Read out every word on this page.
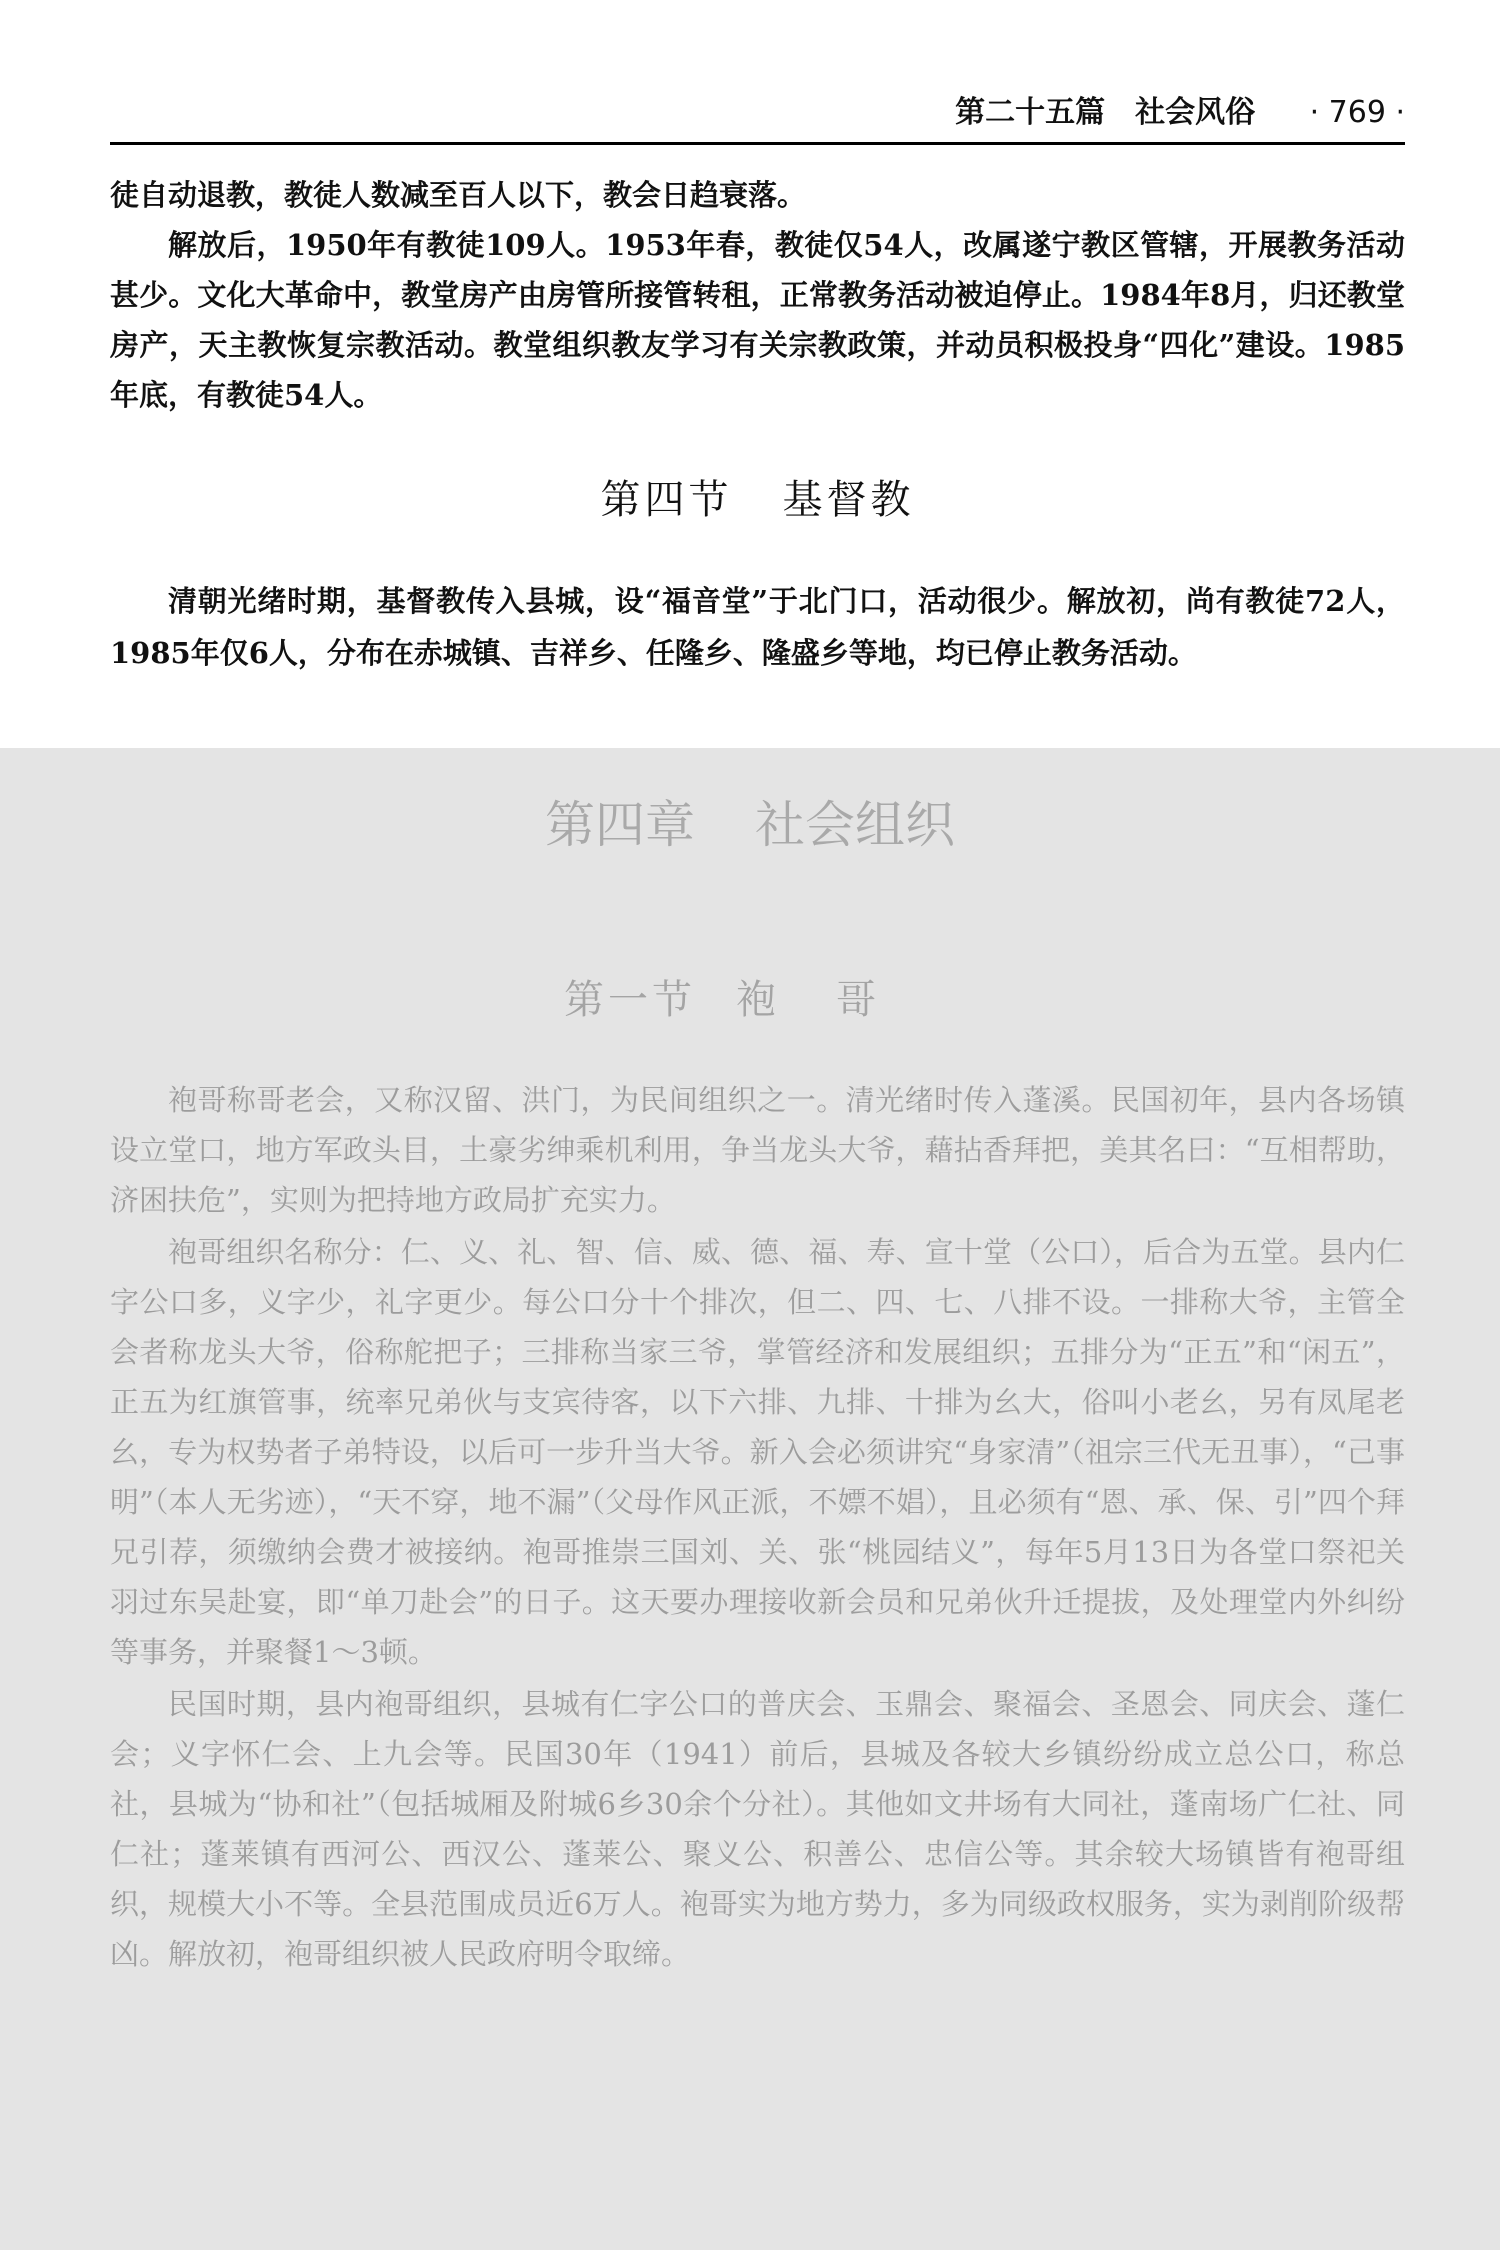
第二十五篇　社会风俗 · 769 ·

徒自动退教，教徒人数减至百人以下，教会日趋衰落。

解放后，1950年有教徒109人。1953年春，教徒仅54人，改属遂宁教区管辖，开展教务活动甚少。文化大革命中，教堂房产由房管所接管转租，正常教务活动被迫停止。1984年8月，归还教堂房产，天主教恢复宗教活动。教堂组织教友学习有关宗教政策，并动员积极投身“四化”建设。1985年底，有教徒54人。

第四节 基督教

清朝光绪时期，基督教传入县城，设“福音堂”于北门口，活动很少。解放初，尚有教徒72人，1985年仅6人，分布在赤城镇、吉祥乡、任隆乡、隆盛乡等地，均已停止教务活动。

第四章 社会组织
第一节 袍哥

袍哥称哥老会，又称汉留、洪门，为民间组织之一。清光绪时传入蓬溪。民国初年，县内各场镇设立堂口，地方军政头目，土豪劣绅乘机利用，争当龙头大爷，藉拈香拜把，美其名曰：“互相帮助，济困扶危”，实则为把持地方政局扩充实力。

袍哥组织名称分：仁、义、礼、智、信、威、德、福、寿、宣十堂（公口），后合为五堂。县内仁字公口多，义字少，礼字更少。每公口分十个排次，但二、四、七、八排不设。一排称大爷，主管全会者称龙头大爷，俗称舵把子；三排称当家三爷，掌管经济和发展组织；五排分为“正五”和“闲五”，正五为红旗管事，统率兄弟伙与支宾待客，以下六排、九排、十排为幺大，俗叫小老幺，另有凤尾老幺，专为权势者子弟特设，以后可一步升当大爷。新入会必须讲究“身家清”（祖宗三代无丑事），“己事明”（本人无劣迹），“天不穿，地不漏”（父母作风正派，不嫖不娼），且必须有“恩、承、保、引”四个拜兄引荐，须缴纳会费才被接纳。袍哥推崇三国刘、关、张“桃园结义”，每年5月13日为各堂口祭祀关羽过东吴赴宴，即“单刀赴会”的日子。这天要办理接收新会员和兄弟伙升迁提拔，及处理堂内外纠纷等事务，并聚餐1～3顿。

民国时期，县内袍哥组织，县城有仁字公口的普庆会、玉鼎会、聚福会、圣恩会、同庆会、蓬仁会；义字怀仁会、上九会等。民国30年（1941）前后，县城及各较大乡镇纷纷成立总公口，称总社，县城为“协和社”（包括城厢及附城6乡30余个分社）。其他如文井场有大同社，蓬南场广仁社、同仁社；蓬莱镇有西河公、西汉公、蓬莱公、聚义公、积善公、忠信公等。其余较大场镇皆有袍哥组织，规模大小不等。全县范围成员近6万人。袍哥实为地方势力，多为同级政权服务，实为剥削阶级帮凶。解放初，袍哥组织被人民政府明令取缔。
